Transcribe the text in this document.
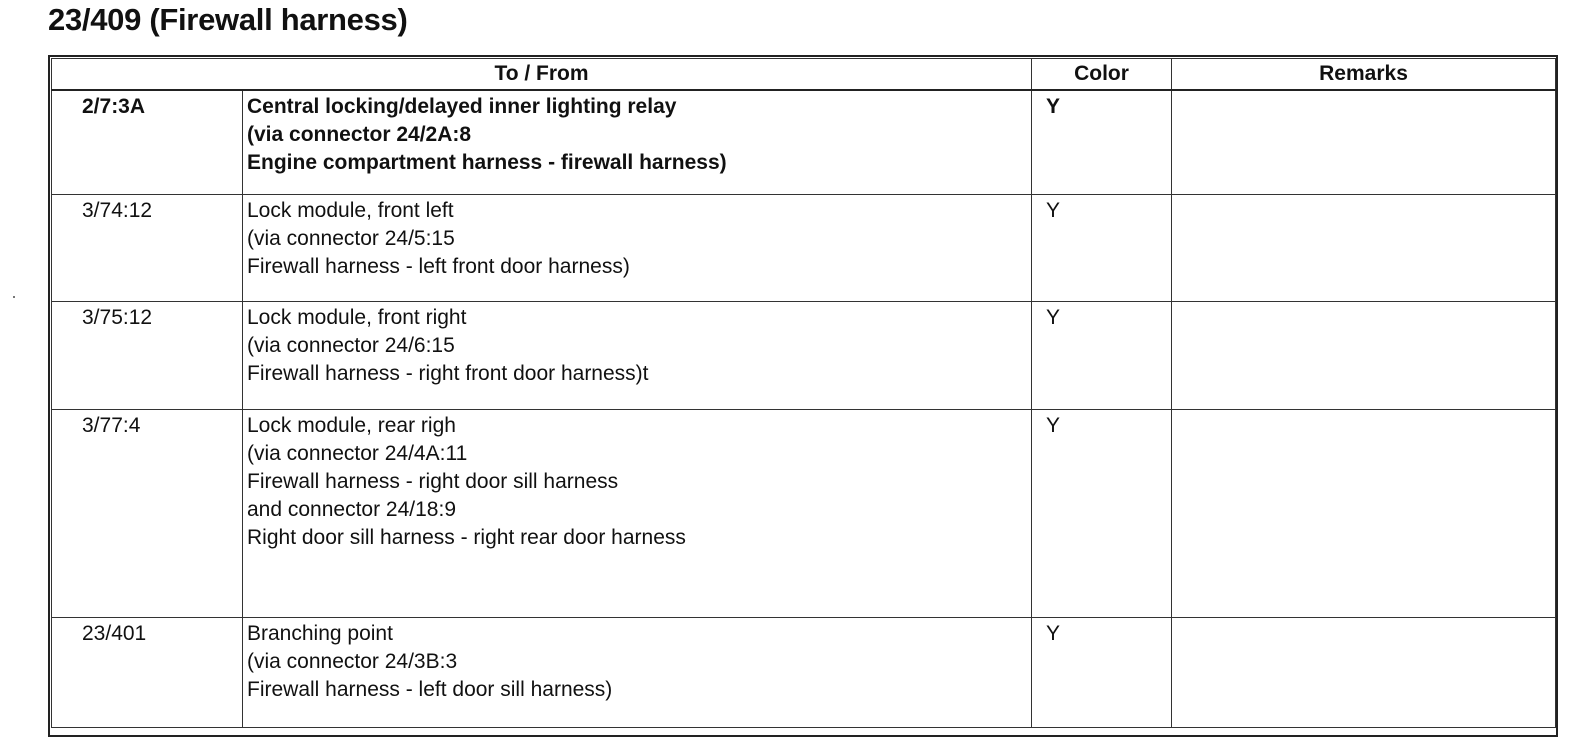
23/409 (Firewall harness)
To / From		Color	Remarks
2/7:3A	Central locking/delayed inner lighting relay
(via connector 24/2A:8
Engine compartment harness - firewall harness)	Y	
3/74:12	Lock module, front left
(via connector 24/5:15
Firewall harness - left front door harness)	Y	
3/75:12	Lock module, front right
(via connector 24/6:15
Firewall harness - right front door harness)t	Y	
3/77:4	Lock module, rear righ
(via connector 24/4A:11
Firewall harness - right door sill harness
and connector 24/18:9
Right door sill harness - right rear door harness	Y	
23/401	Branching point
(via connector 24/3B:3
Firewall harness - left door sill harness)	Y	
